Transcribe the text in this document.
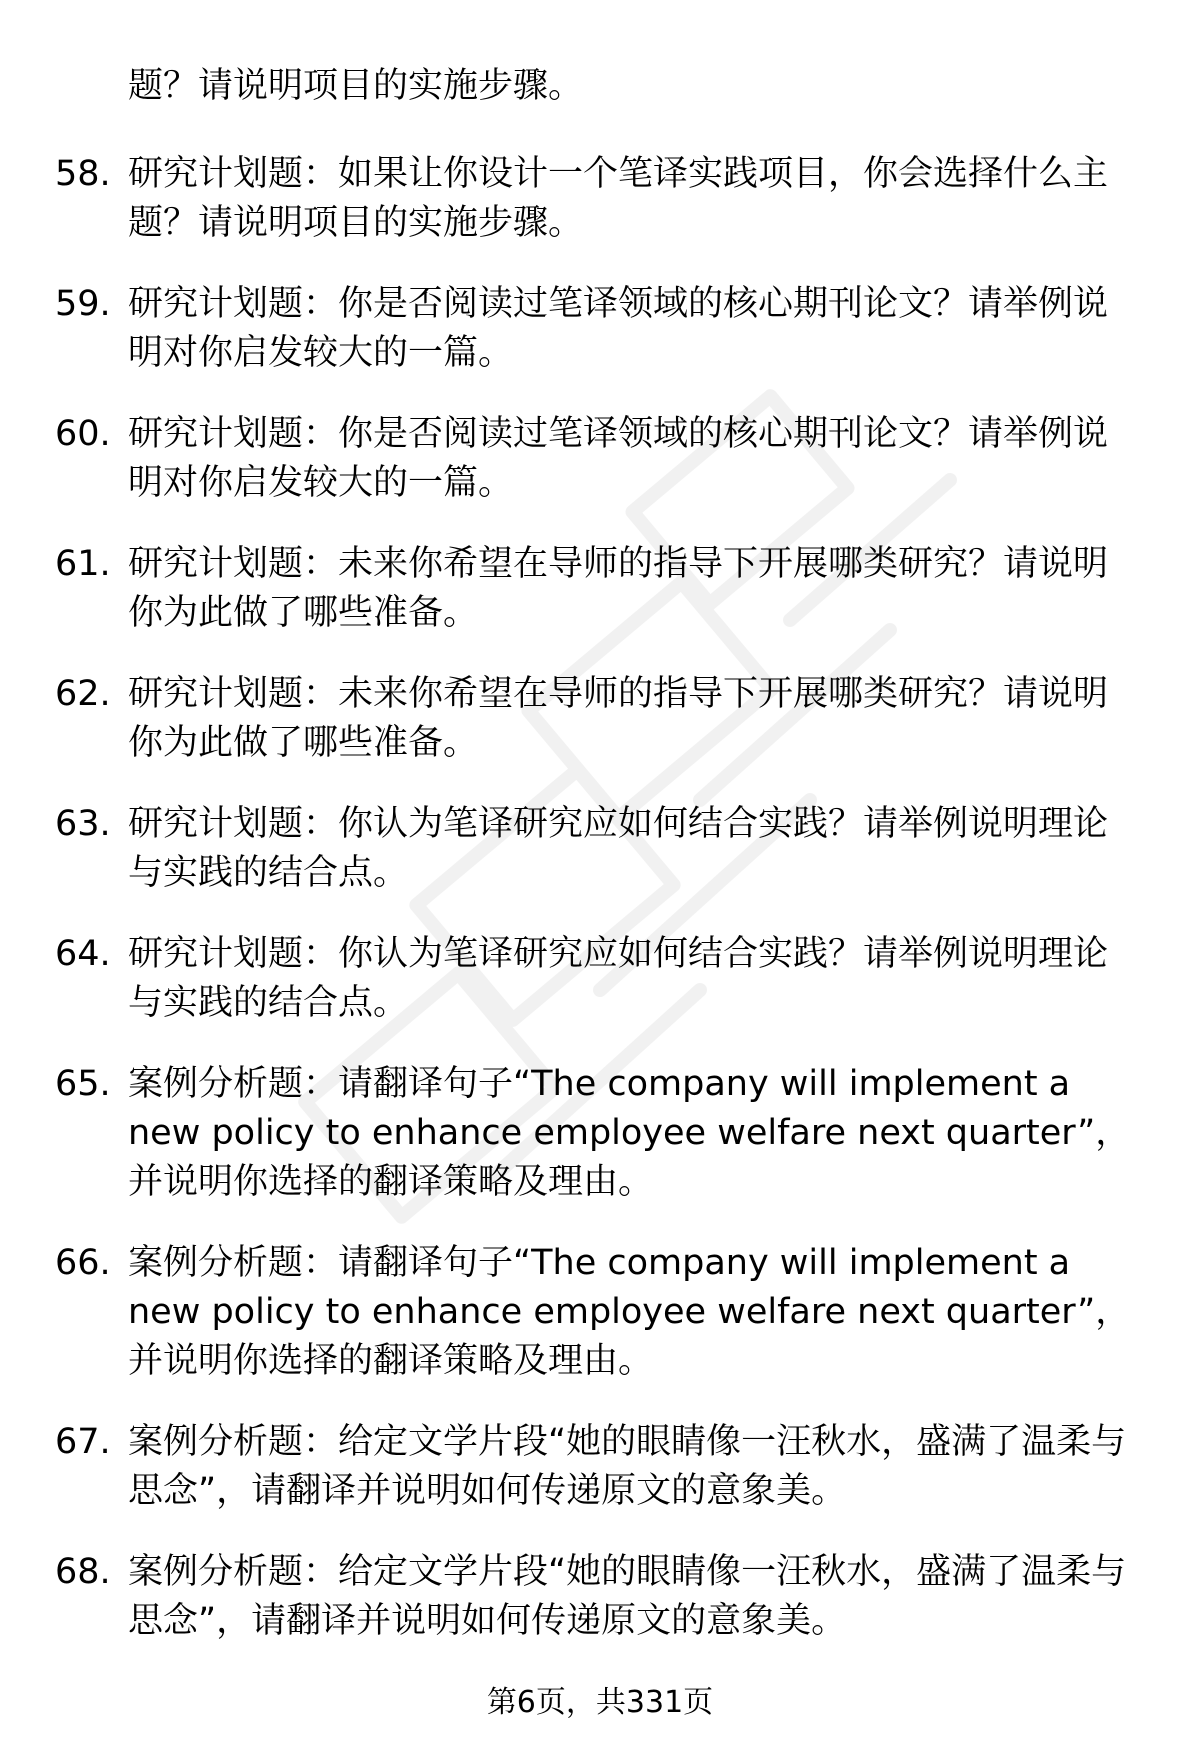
题？请说明项目的实施步骤。

58. 研究计划题：如果让你设计一个笔译实践项目，你会选择什么主题？请说明项目的实施步骤。
59. 研究计划题：你是否阅读过笔译领域的核心期刊论文？请举例说明对你启发较大的一篇。
60. 研究计划题：你是否阅读过笔译领域的核心期刊论文？请举例说明对你启发较大的一篇。
61. 研究计划题：未来你希望在导师的指导下开展哪类研究？请说明你为此做了哪些准备。
62. 研究计划题：未来你希望在导师的指导下开展哪类研究？请说明你为此做了哪些准备。
63. 研究计划题：你认为笔译研究应如何结合实践？请举例说明理论与实践的结合点。
64. 研究计划题：你认为笔译研究应如何结合实践？请举例说明理论与实践的结合点。
65. 案例分析题：请翻译句子“The company will implement a new policy to enhance employee welfare next quarter”，并说明你选择的翻译策略及理由。
66. 案例分析题：请翻译句子“The company will implement a new policy to enhance employee welfare next quarter”，并说明你选择的翻译策略及理由。
67. 案例分析题：给定文学片段“她的眼睛像一汪秋水，盛满了温柔与思念”，请翻译并说明如何传递原文的意象美。
68. 案例分析题：给定文学片段“她的眼睛像一汪秋水，盛满了温柔与思念”，请翻译并说明如何传递原文的意象美。
第6页，共331页
